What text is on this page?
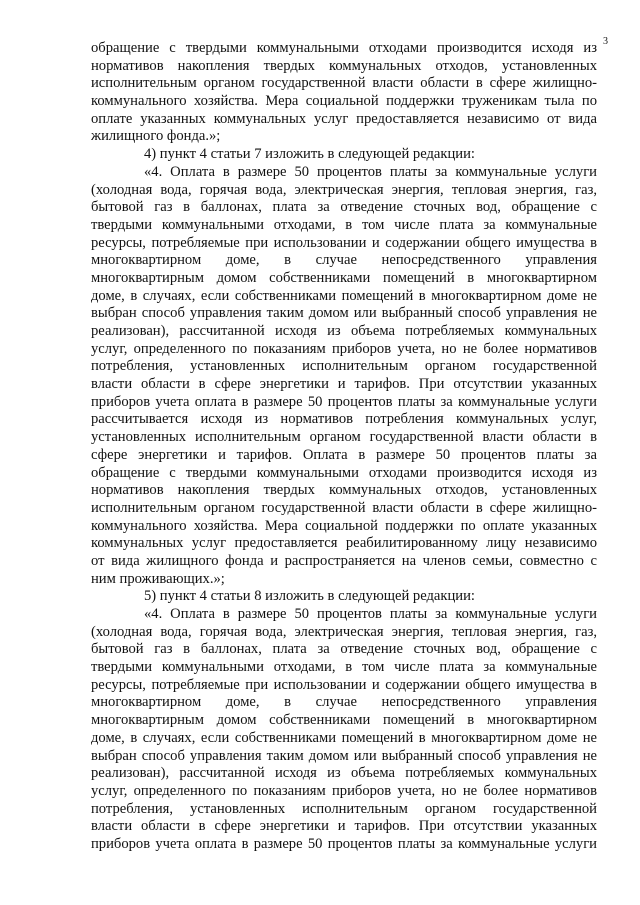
3
обращение с твердыми коммунальными отходами производится исходя из
нормативов накопления твердых коммунальных отходов, установленных
исполнительным органом государственной власти области в сфере жилищно-
коммунального хозяйства. Мера социальной поддержки труженикам тыла по
оплате указанных коммунальных услуг предоставляется независимо от вида
жилищного фонда.»;
4) пункт 4 статьи 7 изложить в следующей редакции:
«4. Оплата в размере 50 процентов платы за коммунальные услуги
(холодная вода, горячая вода, электрическая энергия, тепловая энергия, газ,
бытовой газ в баллонах, плата за отведение сточных вод, обращение с
твердыми коммунальными отходами, в том числе плата за коммунальные
ресурсы, потребляемые при использовании и содержании общего имущества в
многоквартирном доме, в случае непосредственного управления
многоквартирным домом собственниками помещений в многоквартирном
доме, в случаях, если собственниками помещений в многоквартирном доме не
выбран способ управления таким домом или выбранный способ управления не
реализован), рассчитанной исходя из объема потребляемых коммунальных
услуг, определенного по показаниям приборов учета, но не более нормативов
потребления, установленных исполнительным органом государственной
власти области в сфере энергетики и тарифов. При отсутствии указанных
приборов учета оплата в размере 50 процентов платы за коммунальные услуги
рассчитывается исходя из нормативов потребления коммунальных услуг,
установленных исполнительным органом государственной власти области в
сфере энергетики и тарифов. Оплата в размере 50 процентов платы за
обращение с твердыми коммунальными отходами производится исходя из
нормативов накопления твердых коммунальных отходов, установленных
исполнительным органом государственной власти области в сфере жилищно-
коммунального хозяйства. Мера социальной поддержки по оплате указанных
коммунальных услуг предоставляется реабилитированному лицу независимо
от вида жилищного фонда и распространяется на членов семьи, совместно с
ним проживающих.»;
5) пункт 4 статьи 8 изложить в следующей редакции:
«4. Оплата в размере 50 процентов платы за коммунальные услуги
(холодная вода, горячая вода, электрическая энергия, тепловая энергия, газ,
бытовой газ в баллонах, плата за отведение сточных вод, обращение с
твердыми коммунальными отходами, в том числе плата за коммунальные
ресурсы, потребляемые при использовании и содержании общего имущества в
многоквартирном доме, в случае непосредственного управления
многоквартирным домом собственниками помещений в многоквартирном
доме, в случаях, если собственниками помещений в многоквартирном доме не
выбран способ управления таким домом или выбранный способ управления не
реализован), рассчитанной исходя из объема потребляемых коммунальных
услуг, определенного по показаниям приборов учета, но не более нормативов
потребления, установленных исполнительным органом государственной
власти области в сфере энергетики и тарифов. При отсутствии указанных
приборов учета оплата в размере 50 процентов платы за коммунальные услуги
